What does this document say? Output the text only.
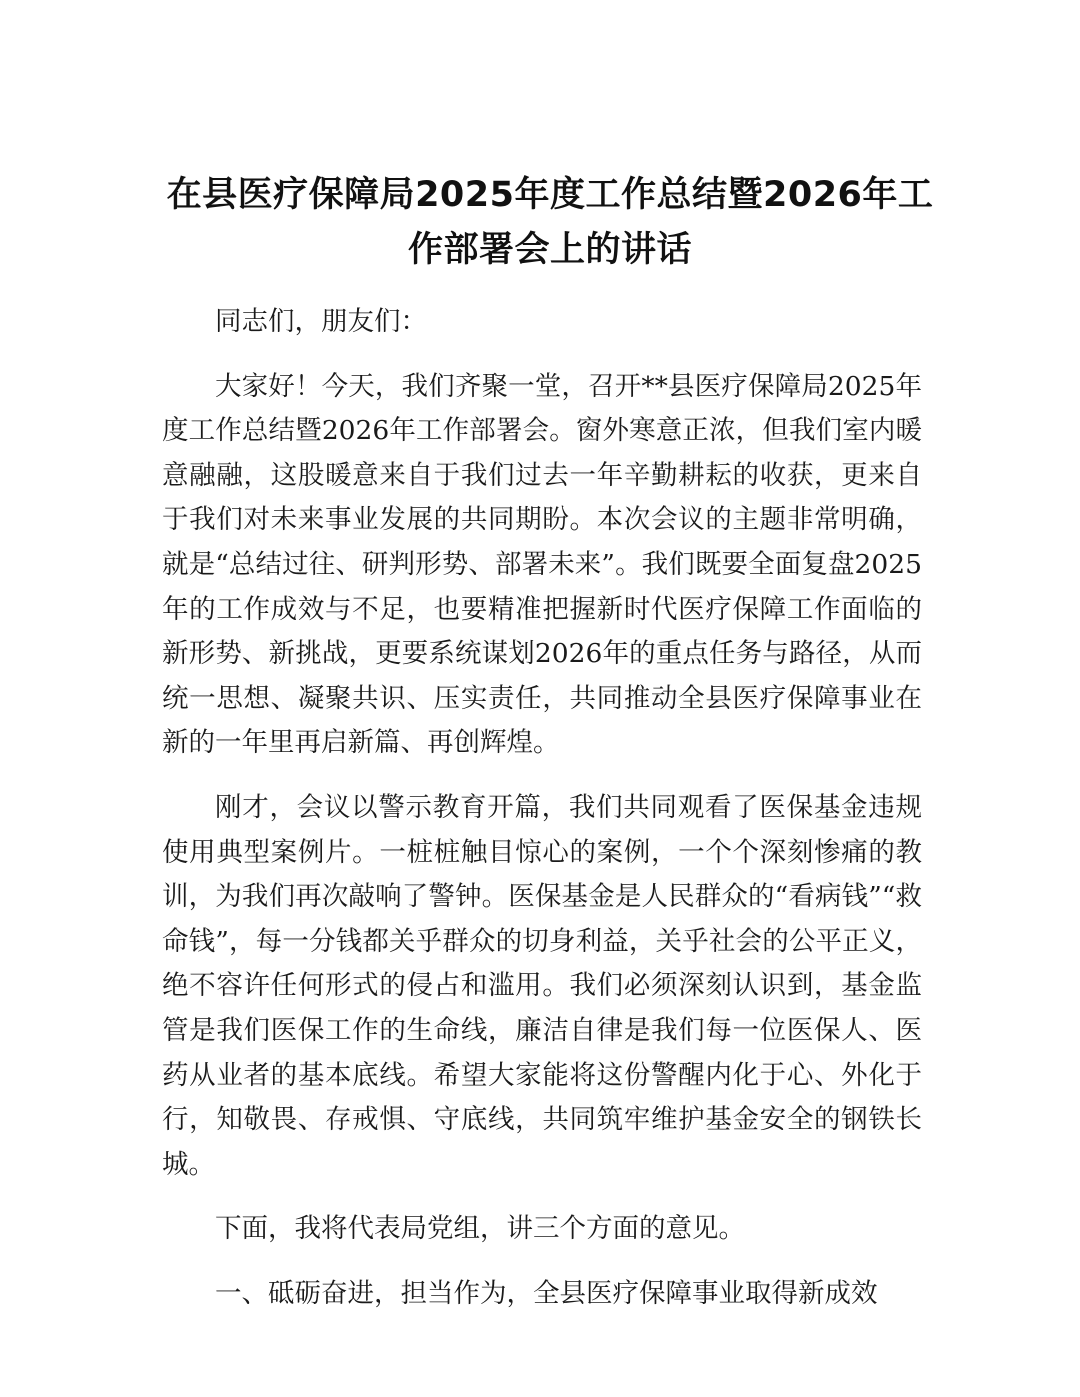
在县医疗保障局2025年度工作总结暨2026年工作部署会上的讲话

同志们，朋友们：

大家好！今天，我们齐聚一堂，召开**县医疗保障局2025年度工作总结暨2026年工作部署会。窗外寒意正浓，但我们室内暖意融融，这股暖意来自于我们过去一年辛勤耕耘的收获，更来自于我们对未来事业发展的共同期盼。本次会议的主题非常明确，就是“总结过往、研判形势、部署未来”。我们既要全面复盘2025年的工作成效与不足，也要精准把握新时代医疗保障工作面临的新形势、新挑战，更要系统谋划2026年的重点任务与路径，从而统一思想、凝聚共识、压实责任，共同推动全县医疗保障事业在新的一年里再启新篇、再创辉煌。

刚才，会议以警示教育开篇，我们共同观看了医保基金违规使用典型案例片。一桩桩触目惊心的案例，一个个深刻惨痛的教训，为我们再次敲响了警钟。医保基金是人民群众的“看病钱”“救命钱”，每一分钱都关乎群众的切身利益，关乎社会的公平正义，绝不容许任何形式的侵占和滥用。我们必须深刻认识到，基金监管是我们医保工作的生命线，廉洁自律是我们每一位医保人、医药从业者的基本底线。希望大家能将这份警醒内化于心、外化于行，知敬畏、存戒惧、守底线，共同筑牢维护基金安全的钢铁长城。

下面，我将代表局党组，讲三个方面的意见。

一、砥砺奋进，担当作为，全县医疗保障事业取得新成效
